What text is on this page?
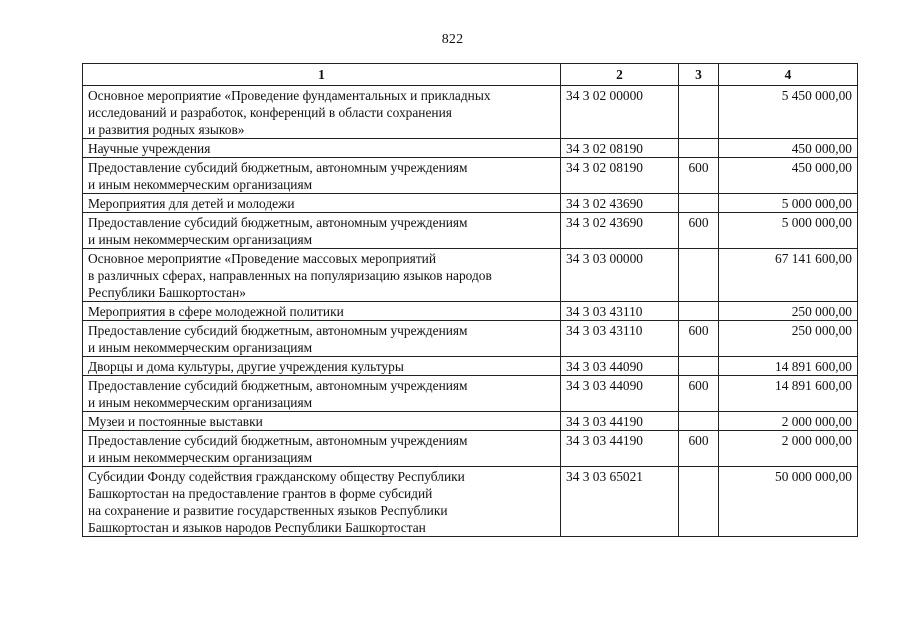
822
1	2	3	4
Основное мероприятие «Проведение фундаментальных и прикладных
исследований и разработок, конференций в области сохранения
и развития родных языков»	34 3 02 00000		5 450 000,00
Научные учреждения	34 3 02 08190		450 000,00
Предоставление субсидий бюджетным, автономным учреждениям
и иным некоммерческим организациям	34 3 02 08190	600	450 000,00
Мероприятия для детей и молодежи	34 3 02 43690		5 000 000,00
Предоставление субсидий бюджетным, автономным учреждениям
и иным некоммерческим организациям	34 3 02 43690	600	5 000 000,00
Основное мероприятие «Проведение массовых мероприятий
в различных сферах, направленных на популяризацию языков народов
Республики Башкортостан»	34 3 03 00000		67 141 600,00
Мероприятия в сфере молодежной политики	34 3 03 43110		250 000,00
Предоставление субсидий бюджетным, автономным учреждениям
и иным некоммерческим организациям	34 3 03 43110	600	250 000,00
Дворцы и дома культуры, другие учреждения культуры	34 3 03 44090		14 891 600,00
Предоставление субсидий бюджетным, автономным учреждениям
и иным некоммерческим организациям	34 3 03 44090	600	14 891 600,00
Музеи и постоянные выставки	34 3 03 44190		2 000 000,00
Предоставление субсидий бюджетным, автономным учреждениям
и иным некоммерческим организациям	34 3 03 44190	600	2 000 000,00
Субсидии Фонду содействия гражданскому обществу Республики
Башкортостан на предоставление грантов в форме субсидий
на сохранение и развитие государственных языков Республики
Башкортостан и языков народов Республики Башкортостан	34 3 03 65021		50 000 000,00
